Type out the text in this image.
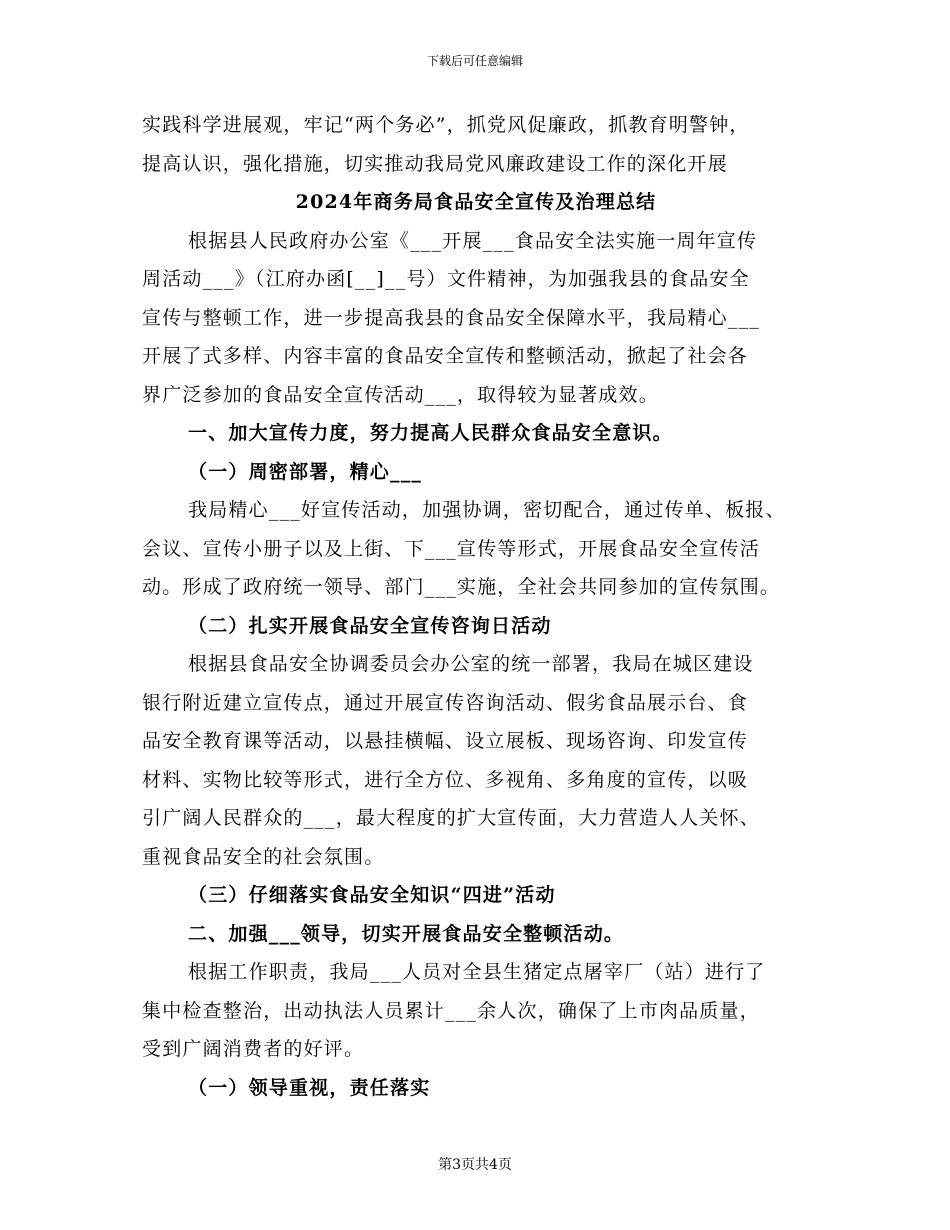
下载后可任意编辑
实践科学进展观，牢记“两个务必”，抓党风促廉政，抓教育明警钟，
提高认识，强化措施，切实推动我局党风廉政建设工作的深化开展
2024年商务局食品安全宣传及治理总结
根据县人民政府办公室《___开展___食品安全法实施一周年宣传
周活动___》（江府办函[__]__号）文件精神，为加强我县的食品安全
宣传与整顿工作，进一步提高我县的食品安全保障水平，我局精心___
开展了式多样、内容丰富的食品安全宣传和整顿活动，掀起了社会各
界广泛参加的食品安全宣传活动___，取得较为显著成效。
一、加大宣传力度，努力提高人民群众食品安全意识。
（一）周密部署，精心___
我局精心___好宣传活动，加强协调，密切配合，通过传单、板报、
会议、宣传小册子以及上街、下___宣传等形式，开展食品安全宣传活
动。形成了政府统一领导、部门___实施，全社会共同参加的宣传氛围。
（二）扎实开展食品安全宣传咨询日活动
根据县食品安全协调委员会办公室的统一部署，我局在城区建设
银行附近建立宣传点，通过开展宣传咨询活动、假劣食品展示台、食
品安全教育课等活动，以悬挂横幅、设立展板、现场咨询、印发宣传
材料、实物比较等形式，进行全方位、多视角、多角度的宣传，以吸
引广阔人民群众的___，最大程度的扩大宣传面，大力营造人人关怀、
重视食品安全的社会氛围。
（三）仔细落实食品安全知识“四进”活动
二、加强___领导，切实开展食品安全整顿活动。
根据工作职责，我局___人员对全县生猪定点屠宰厂（站）进行了
集中检查整治，出动执法人员累计___余人次，确保了上市肉品质量，
受到广阔消费者的好评。
（一）领导重视，责任落实
第3页共4页
